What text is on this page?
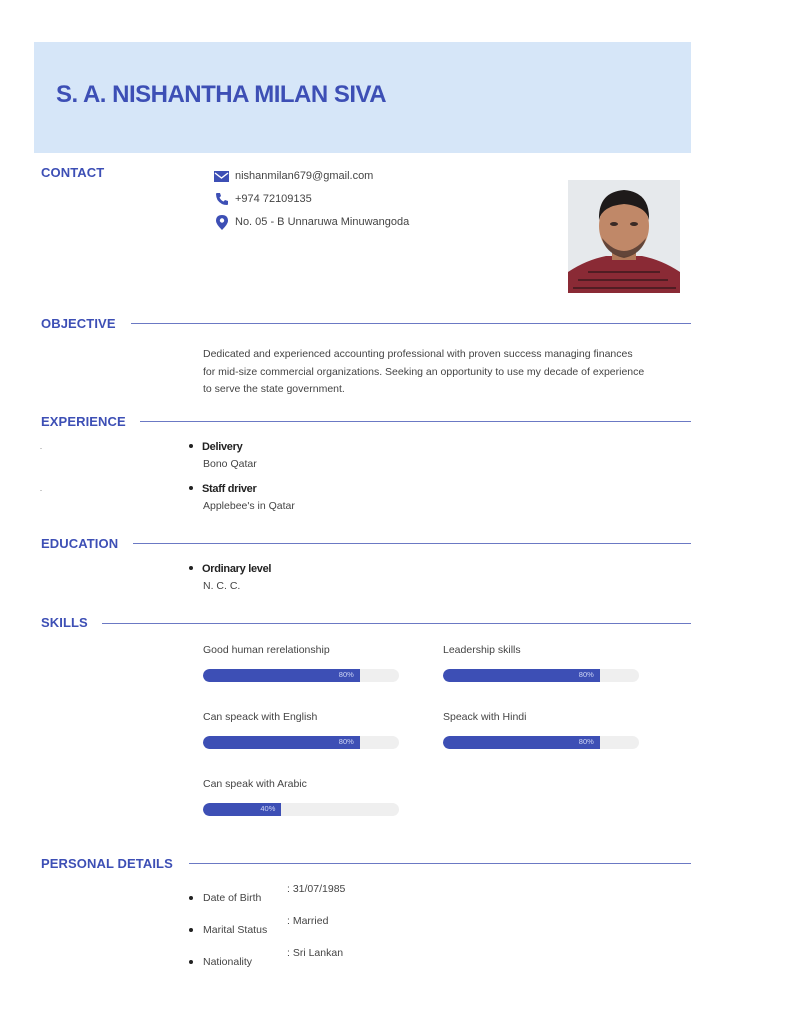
S. A. NISHANTHA MILAN SIVA
CONTACT	nishanmilan679@gmail.com
+974 72109135
No. 05 - B Unnaruwa Minuwangoda
OBJECTIVE
Dedicated and experienced accounting professional with proven success managing finances
for mid-size commercial organizations. Seeking an opportunity to use my decade of experience
to serve the state government.
EXPERIENCE
Delivery
Bono Qatar
Staff driver
Applebee's in Qatar
EDUCATION
Ordinary level
N. C. C.
SKILLS
Good human rerelationship
80%
Leadership skills
80%
Can speack with English
80%
Speack with Hindi
80%
Can speak with Arabic
40%
PERSONAL DETAILS
Date of Birth
: 31/07/1985
Marital Status
: Married
Nationality
: Sri Lankan
